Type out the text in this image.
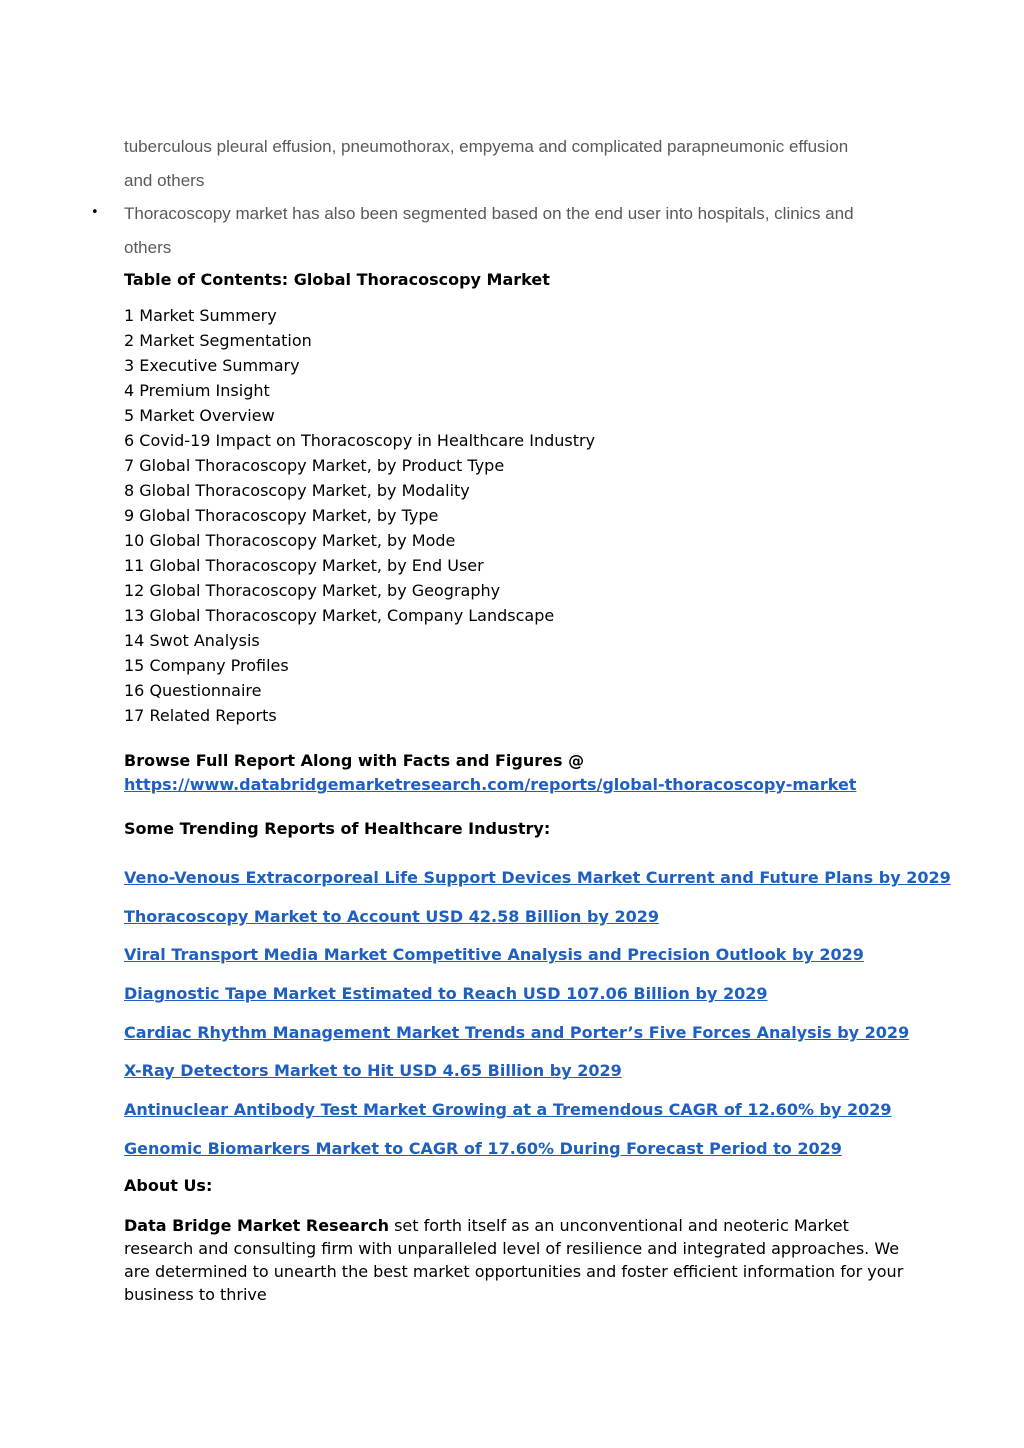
tuberculous pleural effusion, pneumothorax, empyema and complicated parapneumonic effusion
and others
• Thoracoscopy market has also been segmented based on the end user into hospitals, clinics and
others
Table of Contents: Global Thoracoscopy Market
1 Market Summery
2 Market Segmentation
3 Executive Summary
4 Premium Insight
5 Market Overview
6 Covid-19 Impact on Thoracoscopy in Healthcare Industry
7 Global Thoracoscopy Market, by Product Type
8 Global Thoracoscopy Market, by Modality
9 Global Thoracoscopy Market, by Type
10 Global Thoracoscopy Market, by Mode
11 Global Thoracoscopy Market, by End User
12 Global Thoracoscopy Market, by Geography
13 Global Thoracoscopy Market, Company Landscape
14 Swot Analysis
15 Company Profiles
16 Questionnaire
17 Related Reports
Browse Full Report Along with Facts and Figures @
https://www.databridgemarketresearch.com/reports/global-thoracoscopy-market
Some Trending Reports of Healthcare Industry:
Veno-Venous Extracorporeal Life Support Devices Market Current and Future Plans by 2029
Thoracoscopy Market to Account USD 42.58 Billion by 2029
Viral Transport Media Market Competitive Analysis and Precision Outlook by 2029
Diagnostic Tape Market Estimated to Reach USD 107.06 Billion by 2029
Cardiac Rhythm Management Market Trends and Porter’s Five Forces Analysis by 2029
X-Ray Detectors Market to Hit USD 4.65 Billion by 2029
Antinuclear Antibody Test Market Growing at a Tremendous CAGR of 12.60% by 2029
Genomic Biomarkers Market to CAGR of 17.60% During Forecast Period to 2029
About Us:

Data Bridge Market Research set forth itself as an unconventional and neoteric Market research and consulting firm with unparalleled level of resilience and integrated approaches. We are determined to unearth the best market opportunities and foster efficient information for your business to thrive
